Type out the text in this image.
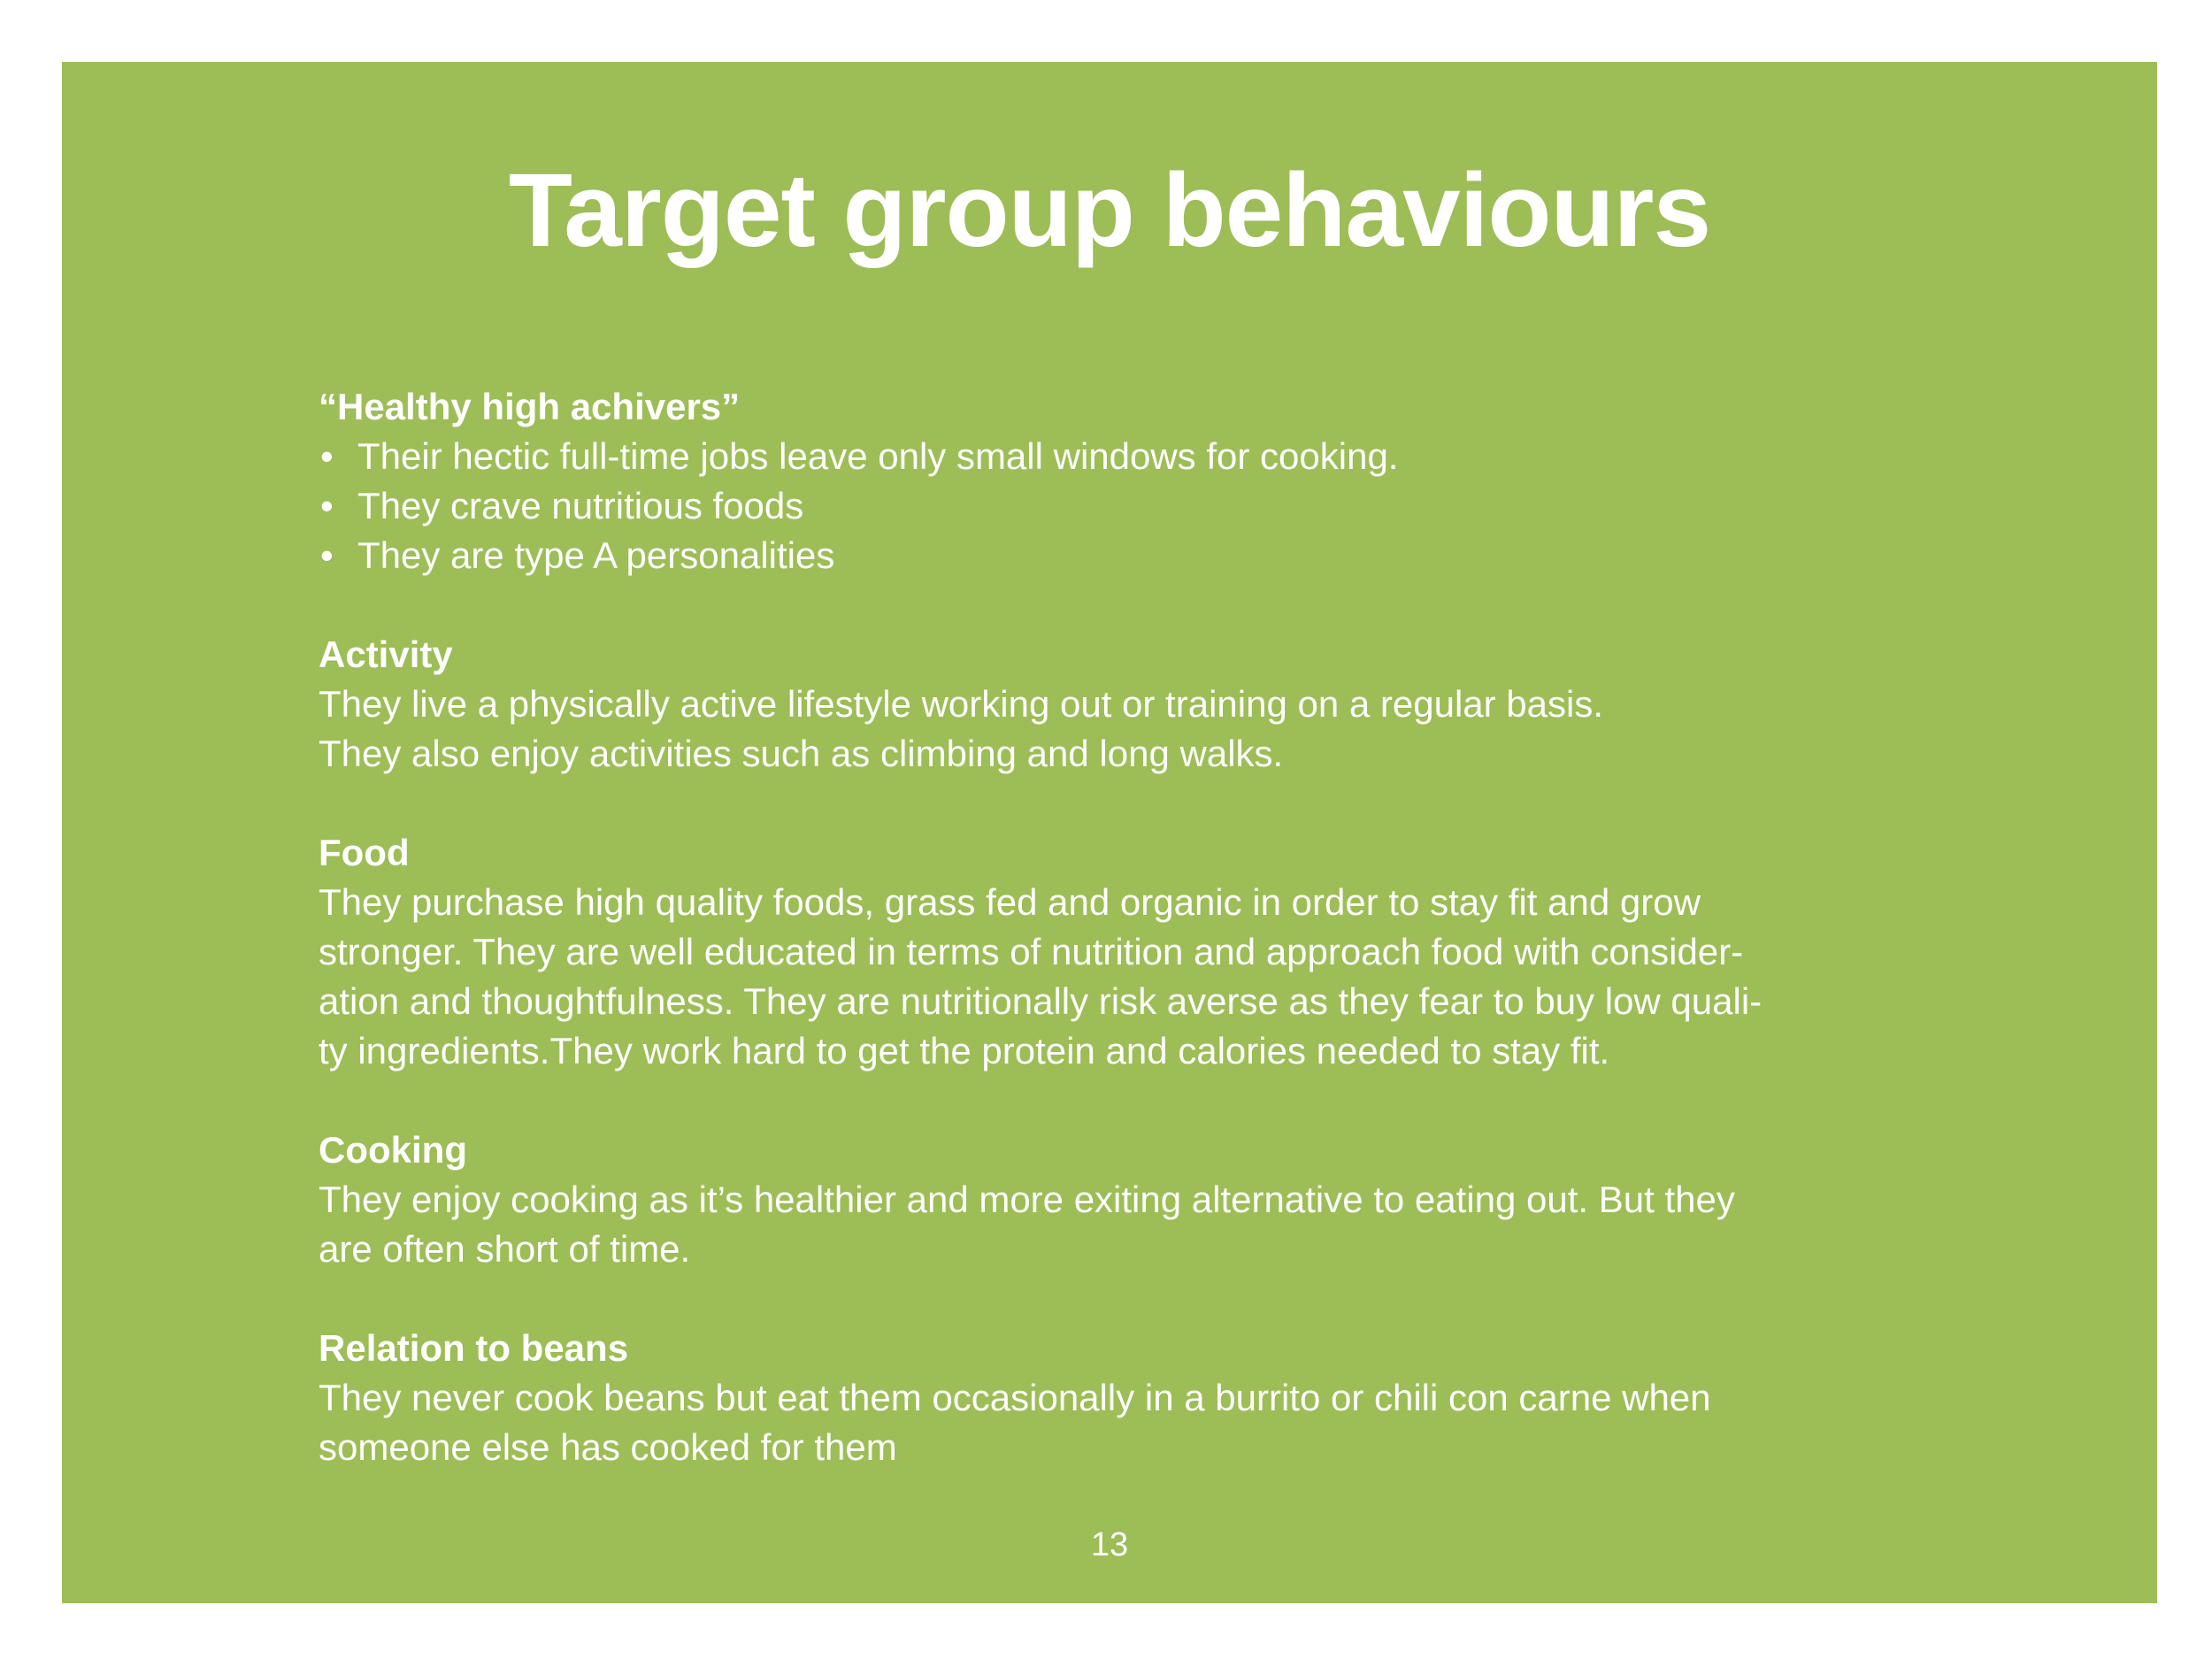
Target group behaviours

“Healthy high achivers”

• Their hectic full-time jobs leave only small windows for cooking.
• They crave nutritious foods
• They are type A personalities

Activity

They live a physically active lifestyle working out or training on a regular basis.

They also enjoy activities such as climbing and long walks.

Food

They purchase high quality foods, grass fed and organic in order to stay fit and grow

stronger. They are well educated in terms of nutrition and approach food with consider-

ation and thoughtfulness. They are nutritionally risk averse as they fear to buy low quali-

ty ingredients.They work hard to get the protein and calories needed to stay fit.

Cooking

They enjoy cooking as it’s healthier and more exiting alternative to eating out. But they

are often short of time.

Relation to beans

They never cook beans but eat them occasionally in a burrito or chili con carne when

someone else has cooked for them

13
